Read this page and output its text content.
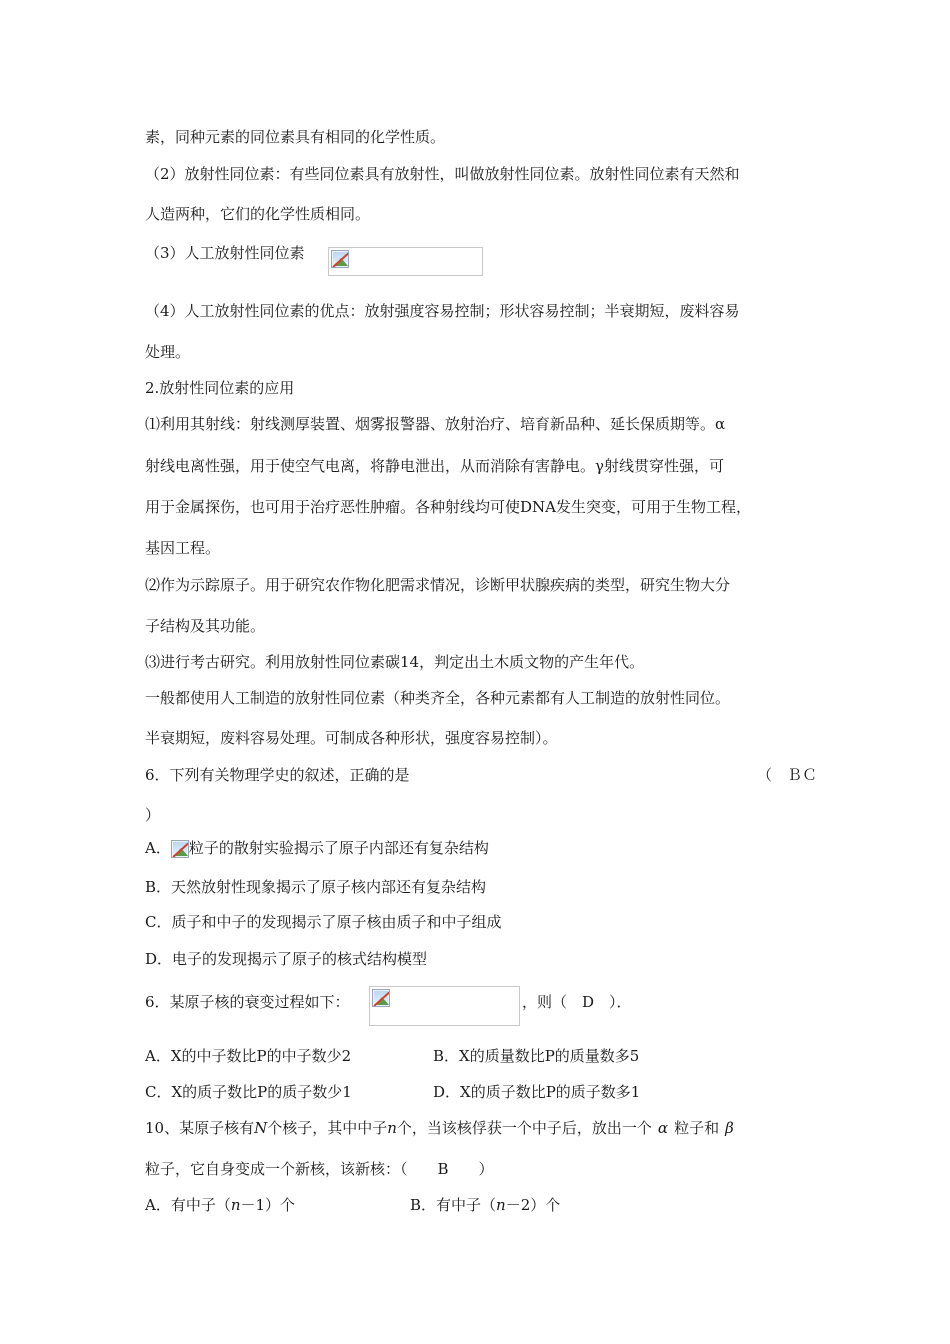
素，同种元素的同位素具有相同的化学性质。
（2）放射性同位素：有些同位素具有放射性，叫做放射性同位素。放射性同位素有天然和
人造两种，它们的化学性质相同。
（3）人工放射性同位素
（4）人工放射性同位素的优点：放射强度容易控制；形状容易控制；半衰期短，废料容易
处理。
2.放射性同位素的应用
⑴利用其射线：射线测厚装置、烟雾报警器、放射治疗、培育新品种、延长保质期等。α
射线电离性强，用于使空气电离，将静电泄出，从而消除有害静电。γ射线贯穿性强，可
用于金属探伤，也可用于治疗恶性肿瘤。各种射线均可使DNA发生突变，可用于生物工程，
基因工程。
⑵作为示踪原子。用于研究农作物化肥需求情况，诊断甲状腺疾病的类型，研究生物大分
子结构及其功能。
⑶进行考古研究。利用放射性同位素碳14，判定出土木质文物的产生年代。
一般都使用人工制造的放射性同位素（种类齐全，各种元素都有人工制造的放射性同位。
半衰期短，废料容易处理。可制成各种形状，强度容易控制）。
6．下列有关物理学史的叙述，正确的是	（　ＢＣ
）
A． 粒子的散射实验揭示了原子内部还有复杂结构
B．天然放射性现象揭示了原子核内部还有复杂结构
C．质子和中子的发现揭示了原子核由质子和中子组成
D．电子的发现揭示了原子的核式结构模型
6．某原子核的衰变过程如下：	，则（　D　）．
A．X的中子数比P的中子数少2	B．X的质量数比P的质量数多5
C．X的质子数比P的质子数少1	D．X的质子数比P的质子数多1
10、某原子核有N个核子，其中中子n个，当该核俘获一个中子后，放出一个 α 粒子和 β
粒子，它自身变成一个新核，该新核：（　　B　　）
A．有中子（n－1）个	B．有中子（n－2）个
